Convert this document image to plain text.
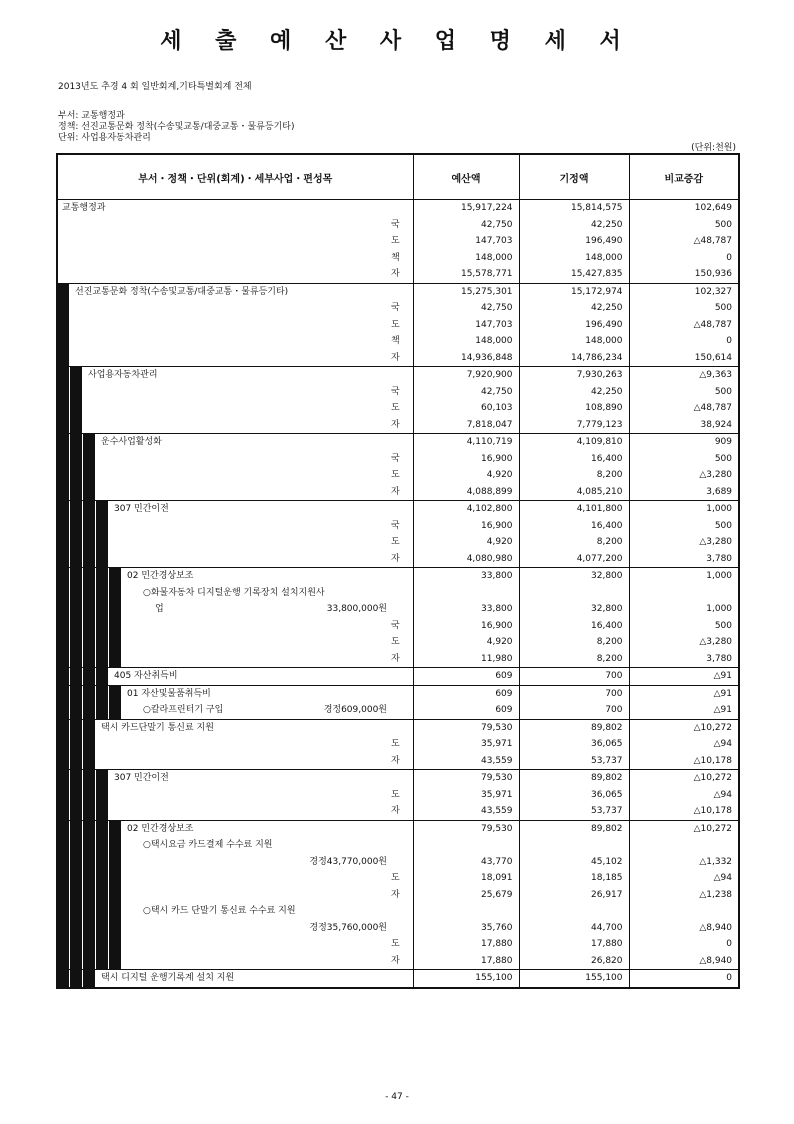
세 출 예 산 사 업 명 세 서
2013년도 추경 4 회 일반회계,기타특별회계 전체
부서: 교통행정과
정책: 선진교통문화 정착(수송및교통/대중교통・물류등기타)
단위: 사업용자동차관리
(단위:천원)
부서・정책・단위(회계)・세부사업・편성목		예산액	기정액	비교증감
교통행정과		15,917,224	15,814,575	102,649
	국	42,750	42,250	500
	도	147,703	196,490	△48,787
	책	148,000	148,000	0
	자	15,578,771	15,427,835	150,936
선진교통문화 정착(수송및교통/대중교통・물류등기타)		15,275,301	15,172,974	102,327
	국	42,750	42,250	500
	도	147,703	196,490	△48,787
	책	148,000	148,000	0
	자	14,936,848	14,786,234	150,614
사업용자동차관리		7,920,900	7,930,263	△9,363
	국	42,750	42,250	500
	도	60,103	108,890	△48,787
	자	7,818,047	7,779,123	38,924
운수사업활성화		4,110,719	4,109,810	909
	국	16,900	16,400	500
	도	4,920	8,200	△3,280
	자	4,088,899	4,085,210	3,689
307 민간이전		4,102,800	4,101,800	1,000
	국	16,900	16,400	500
	도	4,920	8,200	△3,280
	자	4,080,980	4,077,200	3,780
02 민간경상보조		33,800	32,800	1,000

○화물자동차 디지털운행 기록장치 설치지원사				

업 33,800,000원		33,800	32,800	1,000
	국	16,900	16,400	500
	도	4,920	8,200	△3,280
	자	11,980	8,200	3,780
405 자산취득비		609	700	△91
01 자산및물품취득비		609	700	△91

○칼라프린터기 구입 경정609,000원		609	700	△91
택시 카드단말기 통신료 지원		79,530	89,802	△10,272
	도	35,971	36,065	△94
	자	43,559	53,737	△10,178
307 민간이전		79,530	89,802	△10,272
	도	35,971	36,065	△94
	자	43,559	53,737	△10,178
02 민간경상보조		79,530	89,802	△10,272

○택시요금 카드결제 수수료 지원				

경정43,770,000원		43,770	45,102	△1,332
	도	18,091	18,185	△94
	자	25,679	26,917	△1,238

○택시 카드 단말기 통신료 수수료 지원				

경정35,760,000원		35,760	44,700	△8,940
	도	17,880	17,880	0
	자	17,880	26,820	△8,940
택시 디지털 운행기록계 설치 지원		155,100	155,100	0
- 47 -
